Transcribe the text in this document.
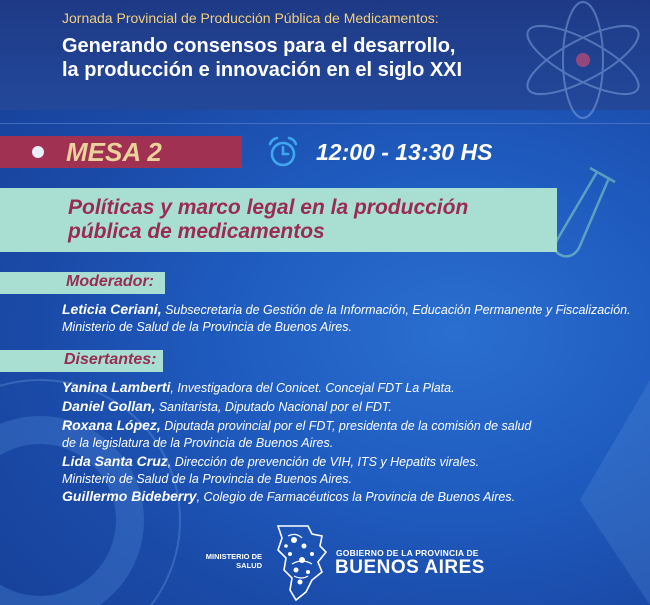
Jornada Provincial de Producción Pública de Medicamentos:
Generando consensos para el desarrollo,
la producción e innovación en el siglo XXI
MESA 2	12:00 - 13:30 HS
Políticas y marco legal en la producción
pública de medicamentos
Moderador:
Leticia Ceriani, Subsecretaria de Gestión de la Información, Educación Permanente y Fiscalización.
Ministerio de Salud de la Provincia de Buenos Aires.
Disertantes:
Yanina Lamberti, Investigadora del Conicet. Concejal FDT La Plata.
Daniel Gollan, Sanitarista, Diputado Nacional por el FDT.
Roxana López, Diputada provincial por el FDT, presidenta de la comisión de salud
de la legislatura de la Provincia de Buenos Aires.
Lida Santa Cruz, Dirección de prevención de VIH, ITS y Hepatits virales.
Ministerio de Salud de la Provincia de Buenos Aires.
Guillermo Bideberry, Colegio de Farmacéuticos la Provincia de Buenos Aires.
MINISTERIO DE
SALUD
GOBIERNO DE LA PROVINCIA DE
BUENOS AIRES
